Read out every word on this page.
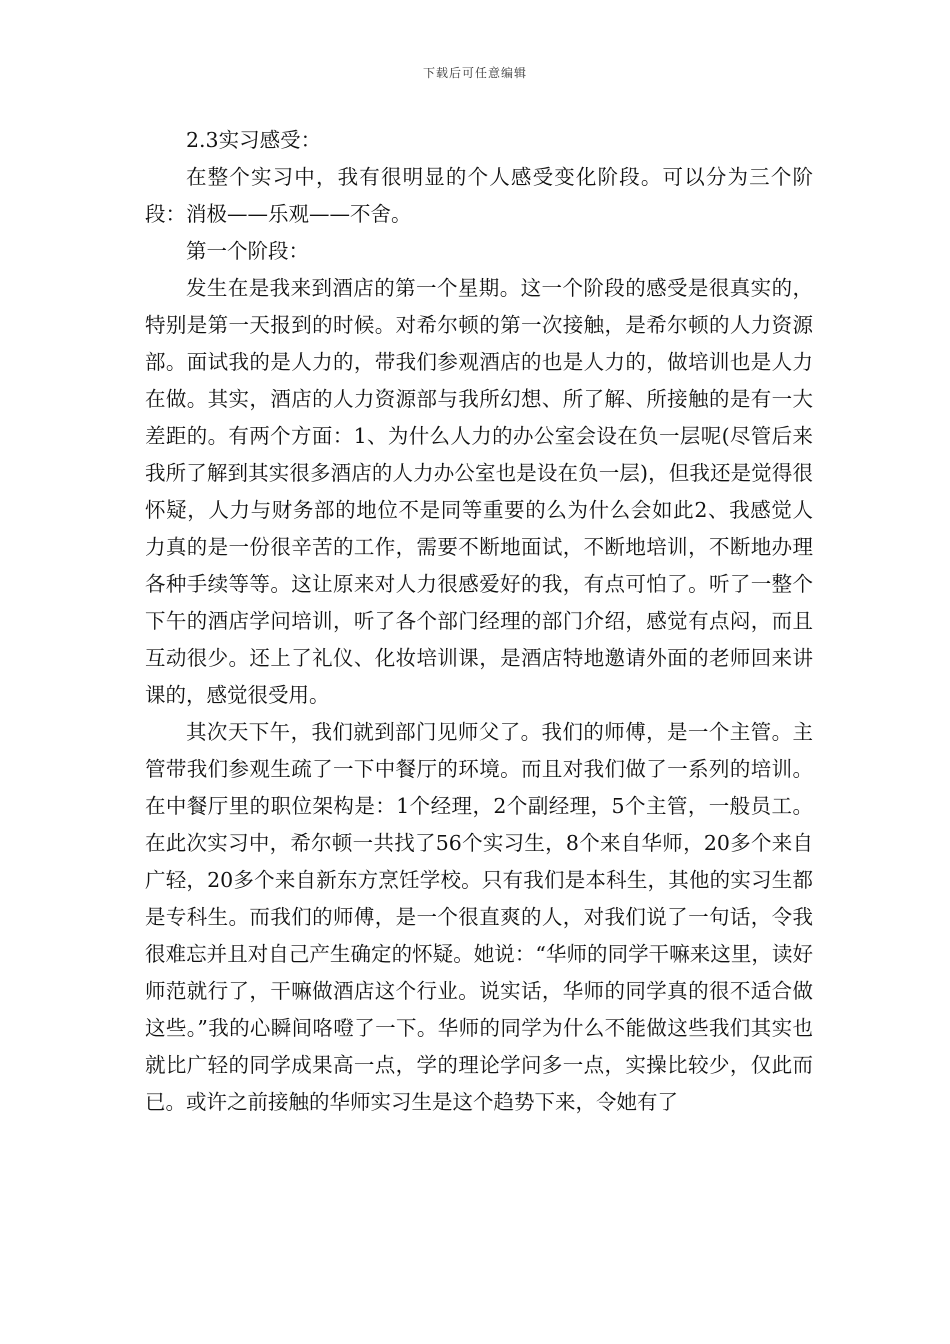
下载后可任意编辑

2.3实习感受：

在整个实习中，我有很明显的个人感受变化阶段。可以分为三个阶段：消极——乐观——不舍。

第一个阶段：

发生在是我来到酒店的第一个星期。这一个阶段的感受是很真实的，特别是第一天报到的时候。对希尔顿的第一次接触，是希尔顿的人力资源部。面试我的是人力的，带我们参观酒店的也是人力的，做培训也是人力在做。其实，酒店的人力资源部与我所幻想、所了解、所接触的是有一大差距的。有两个方面：1、为什么人力的办公室会设在负一层呢(尽管后来我所了解到其实很多酒店的人力办公室也是设在负一层)，但我还是觉得很怀疑，人力与财务部的地位不是同等重要的么为什么会如此2、我感觉人力真的是一份很辛苦的工作，需要不断地面试，不断地培训，不断地办理各种手续等等。这让原来对人力很感爱好的我，有点可怕了。听了一整个下午的酒店学问培训，听了各个部门经理的部门介绍，感觉有点闷，而且互动很少。还上了礼仪、化妆培训课，是酒店特地邀请外面的老师回来讲课的，感觉很受用。

其次天下午，我们就到部门见师父了。我们的师傅，是一个主管。主管带我们参观生疏了一下中餐厅的环境。而且对我们做了一系列的培训。在中餐厅里的职位架构是：1个经理，2个副经理，5个主管，一般员工。在此次实习中，希尔顿一共找了56个实习生，8个来自华师，20多个来自广轻，20多个来自新东方烹饪学校。只有我们是本科生，其他的实习生都是专科生。而我们的师傅，是一个很直爽的人，对我们说了一句话，令我很难忘并且对自己产生确定的怀疑。她说：“华师的同学干嘛来这里，读好师范就行了，干嘛做酒店这个行业。说实话，华师的同学真的很不适合做这些。”我的心瞬间咯噔了一下。华师的同学为什么不能做这些我们其实也就比广轻的同学成果高一点，学的理论学问多一点，实操比较少，仅此而已。或许之前接触的华师实习生是这个趋势下来，令她有了
